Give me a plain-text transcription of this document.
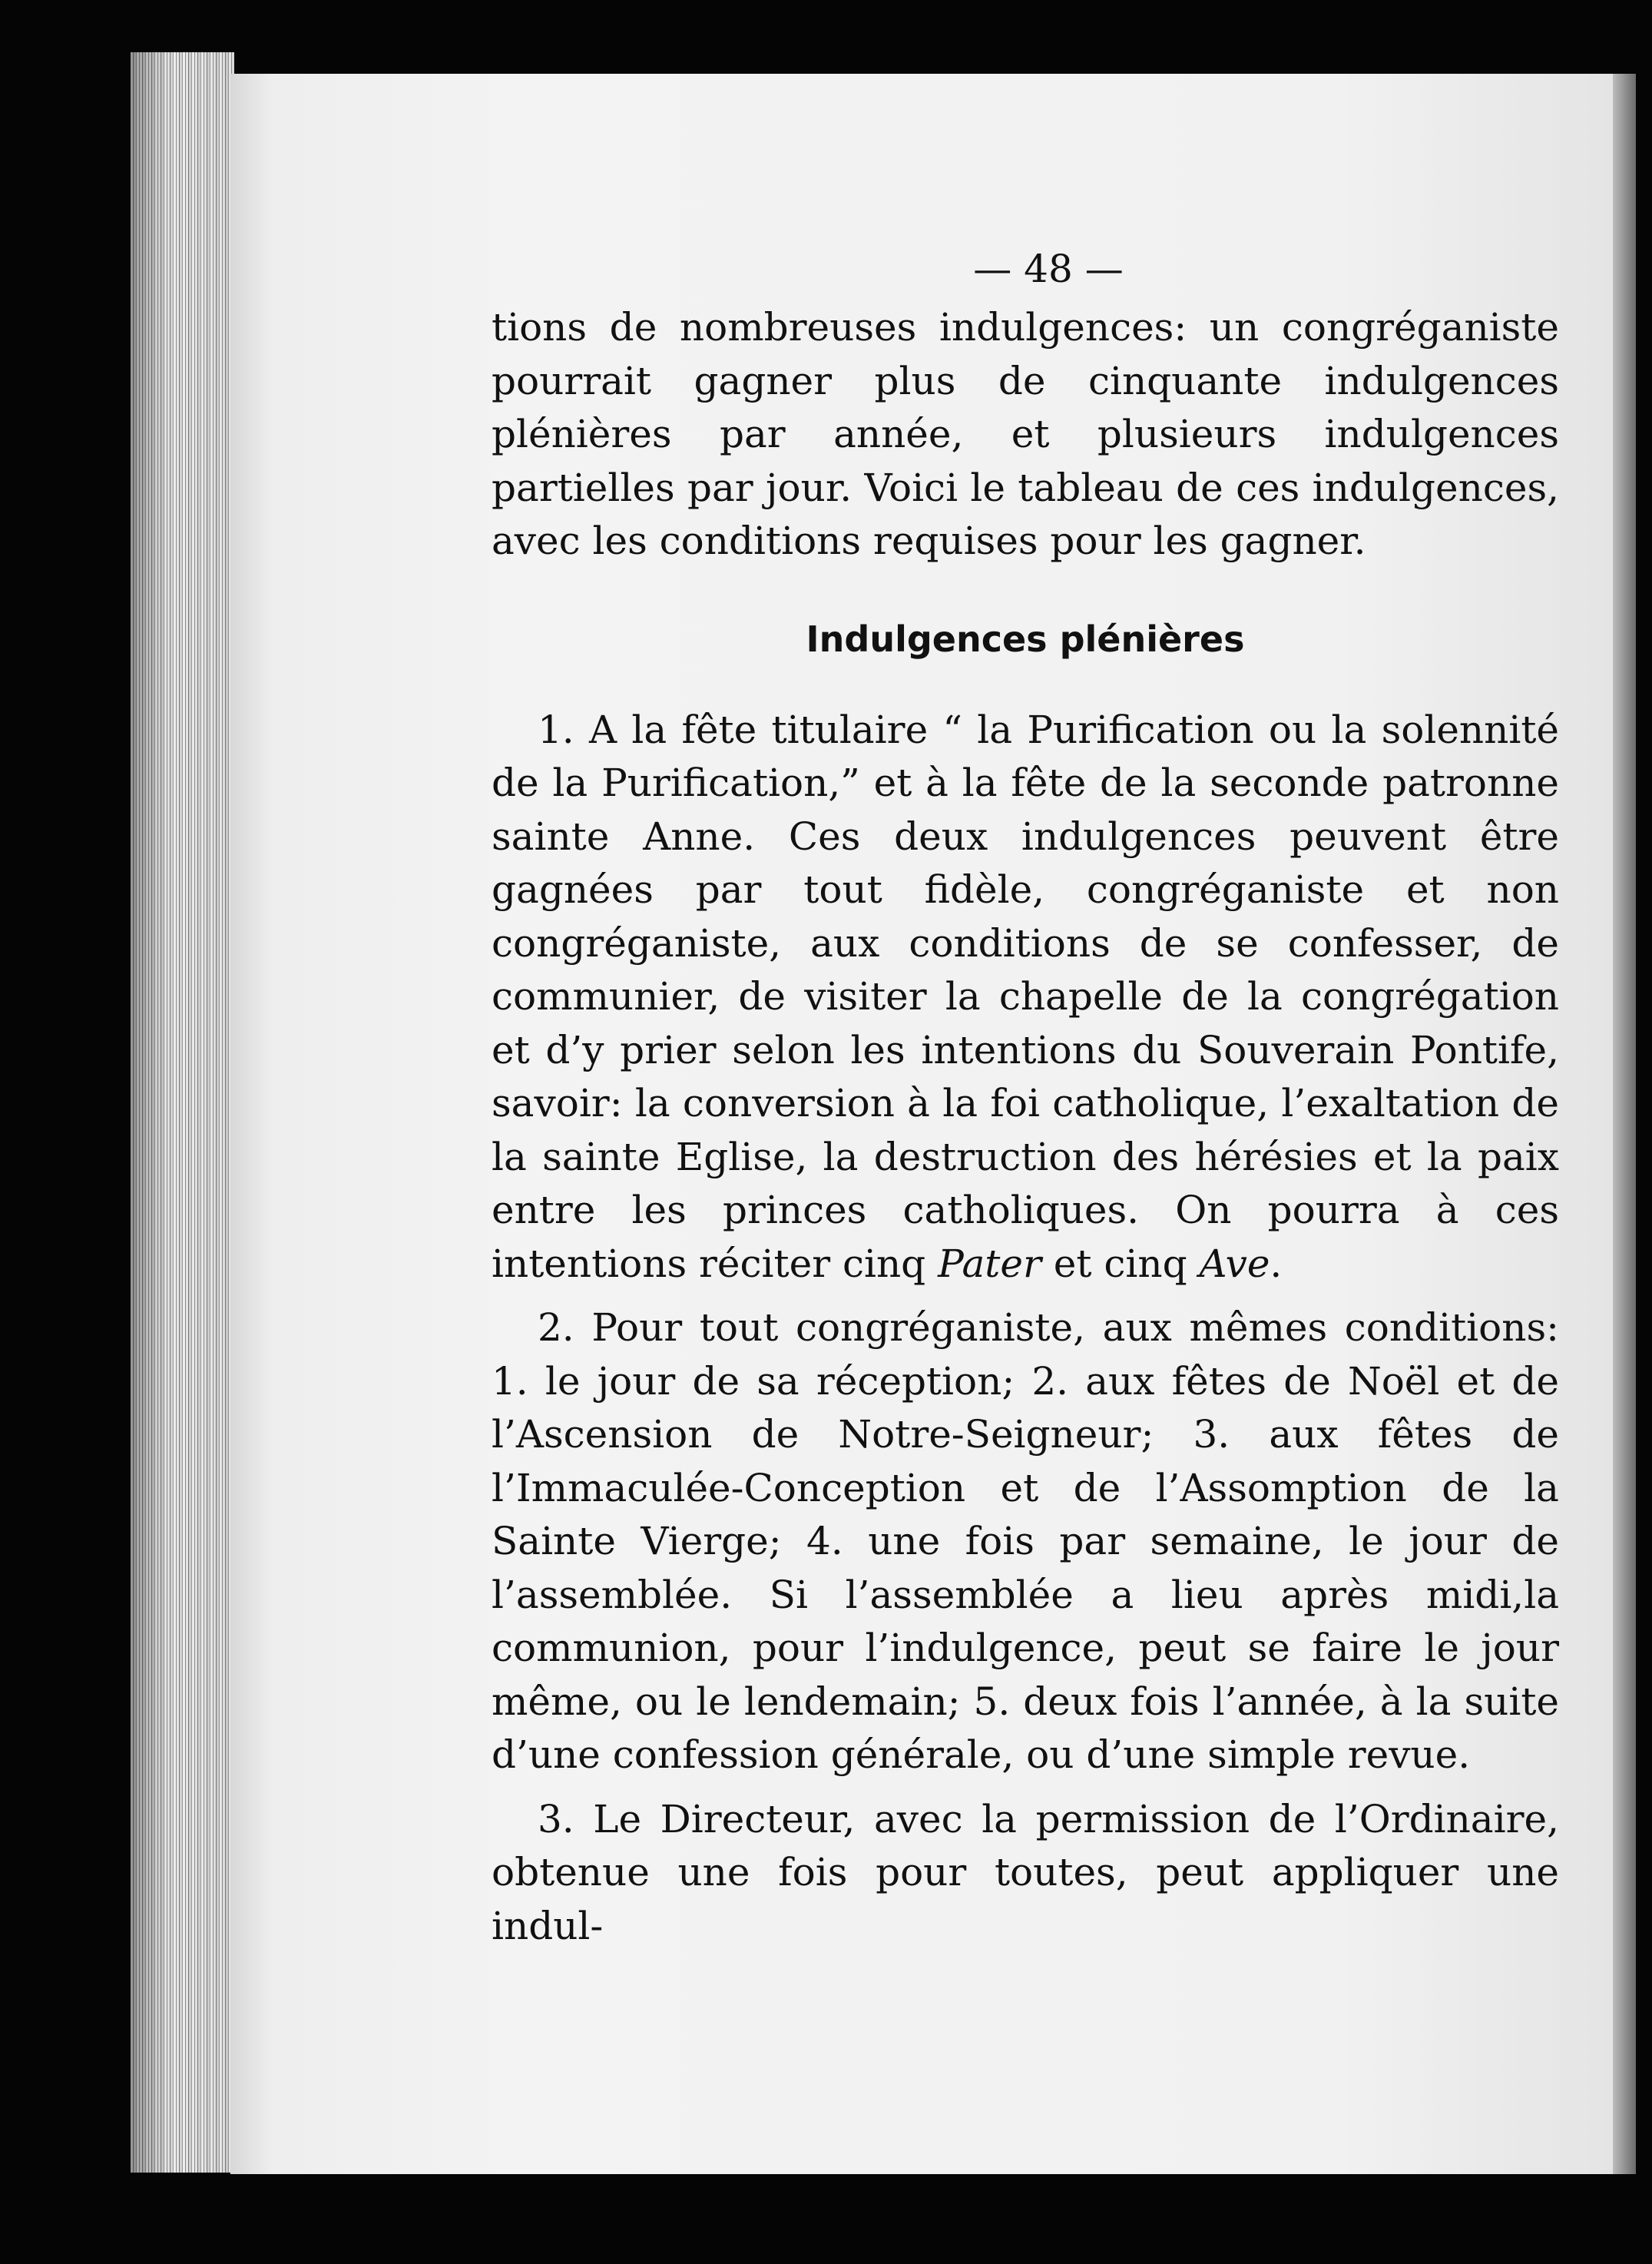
— 48 —

tions de nombreuses indulgences: un congréganiste pourrait gagner plus de cinquante indulgences plénières par année, et plusieurs indulgences partielles par jour. Voici le tableau de ces indulgences, avec les conditions requises pour les gagner.

Indulgences plénières

1. A la fête titulaire “ la Purification ou la solennité de la Purification,” et à la fête de la seconde patronne sainte Anne. Ces deux indulgences peuvent être gagnées par tout fidèle, congréganiste et non congréganiste, aux conditions de se confesser, de communier, de visiter la chapelle de la congrégation et d’y prier selon les intentions du Souverain Pontife, savoir: la conversion à la foi catholique, l’exaltation de la sainte Eglise, la destruction des hérésies et la paix entre les princes catholiques. On pourra à ces intentions réciter cinq Pater et cinq Ave.

2. Pour tout congréganiste, aux mêmes conditions: 1. le jour de sa réception; 2. aux fêtes de Noël et de l’Ascension de Notre-Seigneur; 3. aux fêtes de l’Immaculée-Conception et de l’Assomption de la Sainte Vierge; 4. une fois par semaine, le jour de l’assemblée. Si l’assemblée a lieu après midi,la communion, pour l’indulgence, peut se faire le jour même, ou le lendemain; 5. deux fois l’année, à la suite d’une confession générale, ou d’une simple revue.

3. Le Directeur, avec la permission de l’Ordinaire, obtenue une fois pour toutes, peut appliquer une indul-
